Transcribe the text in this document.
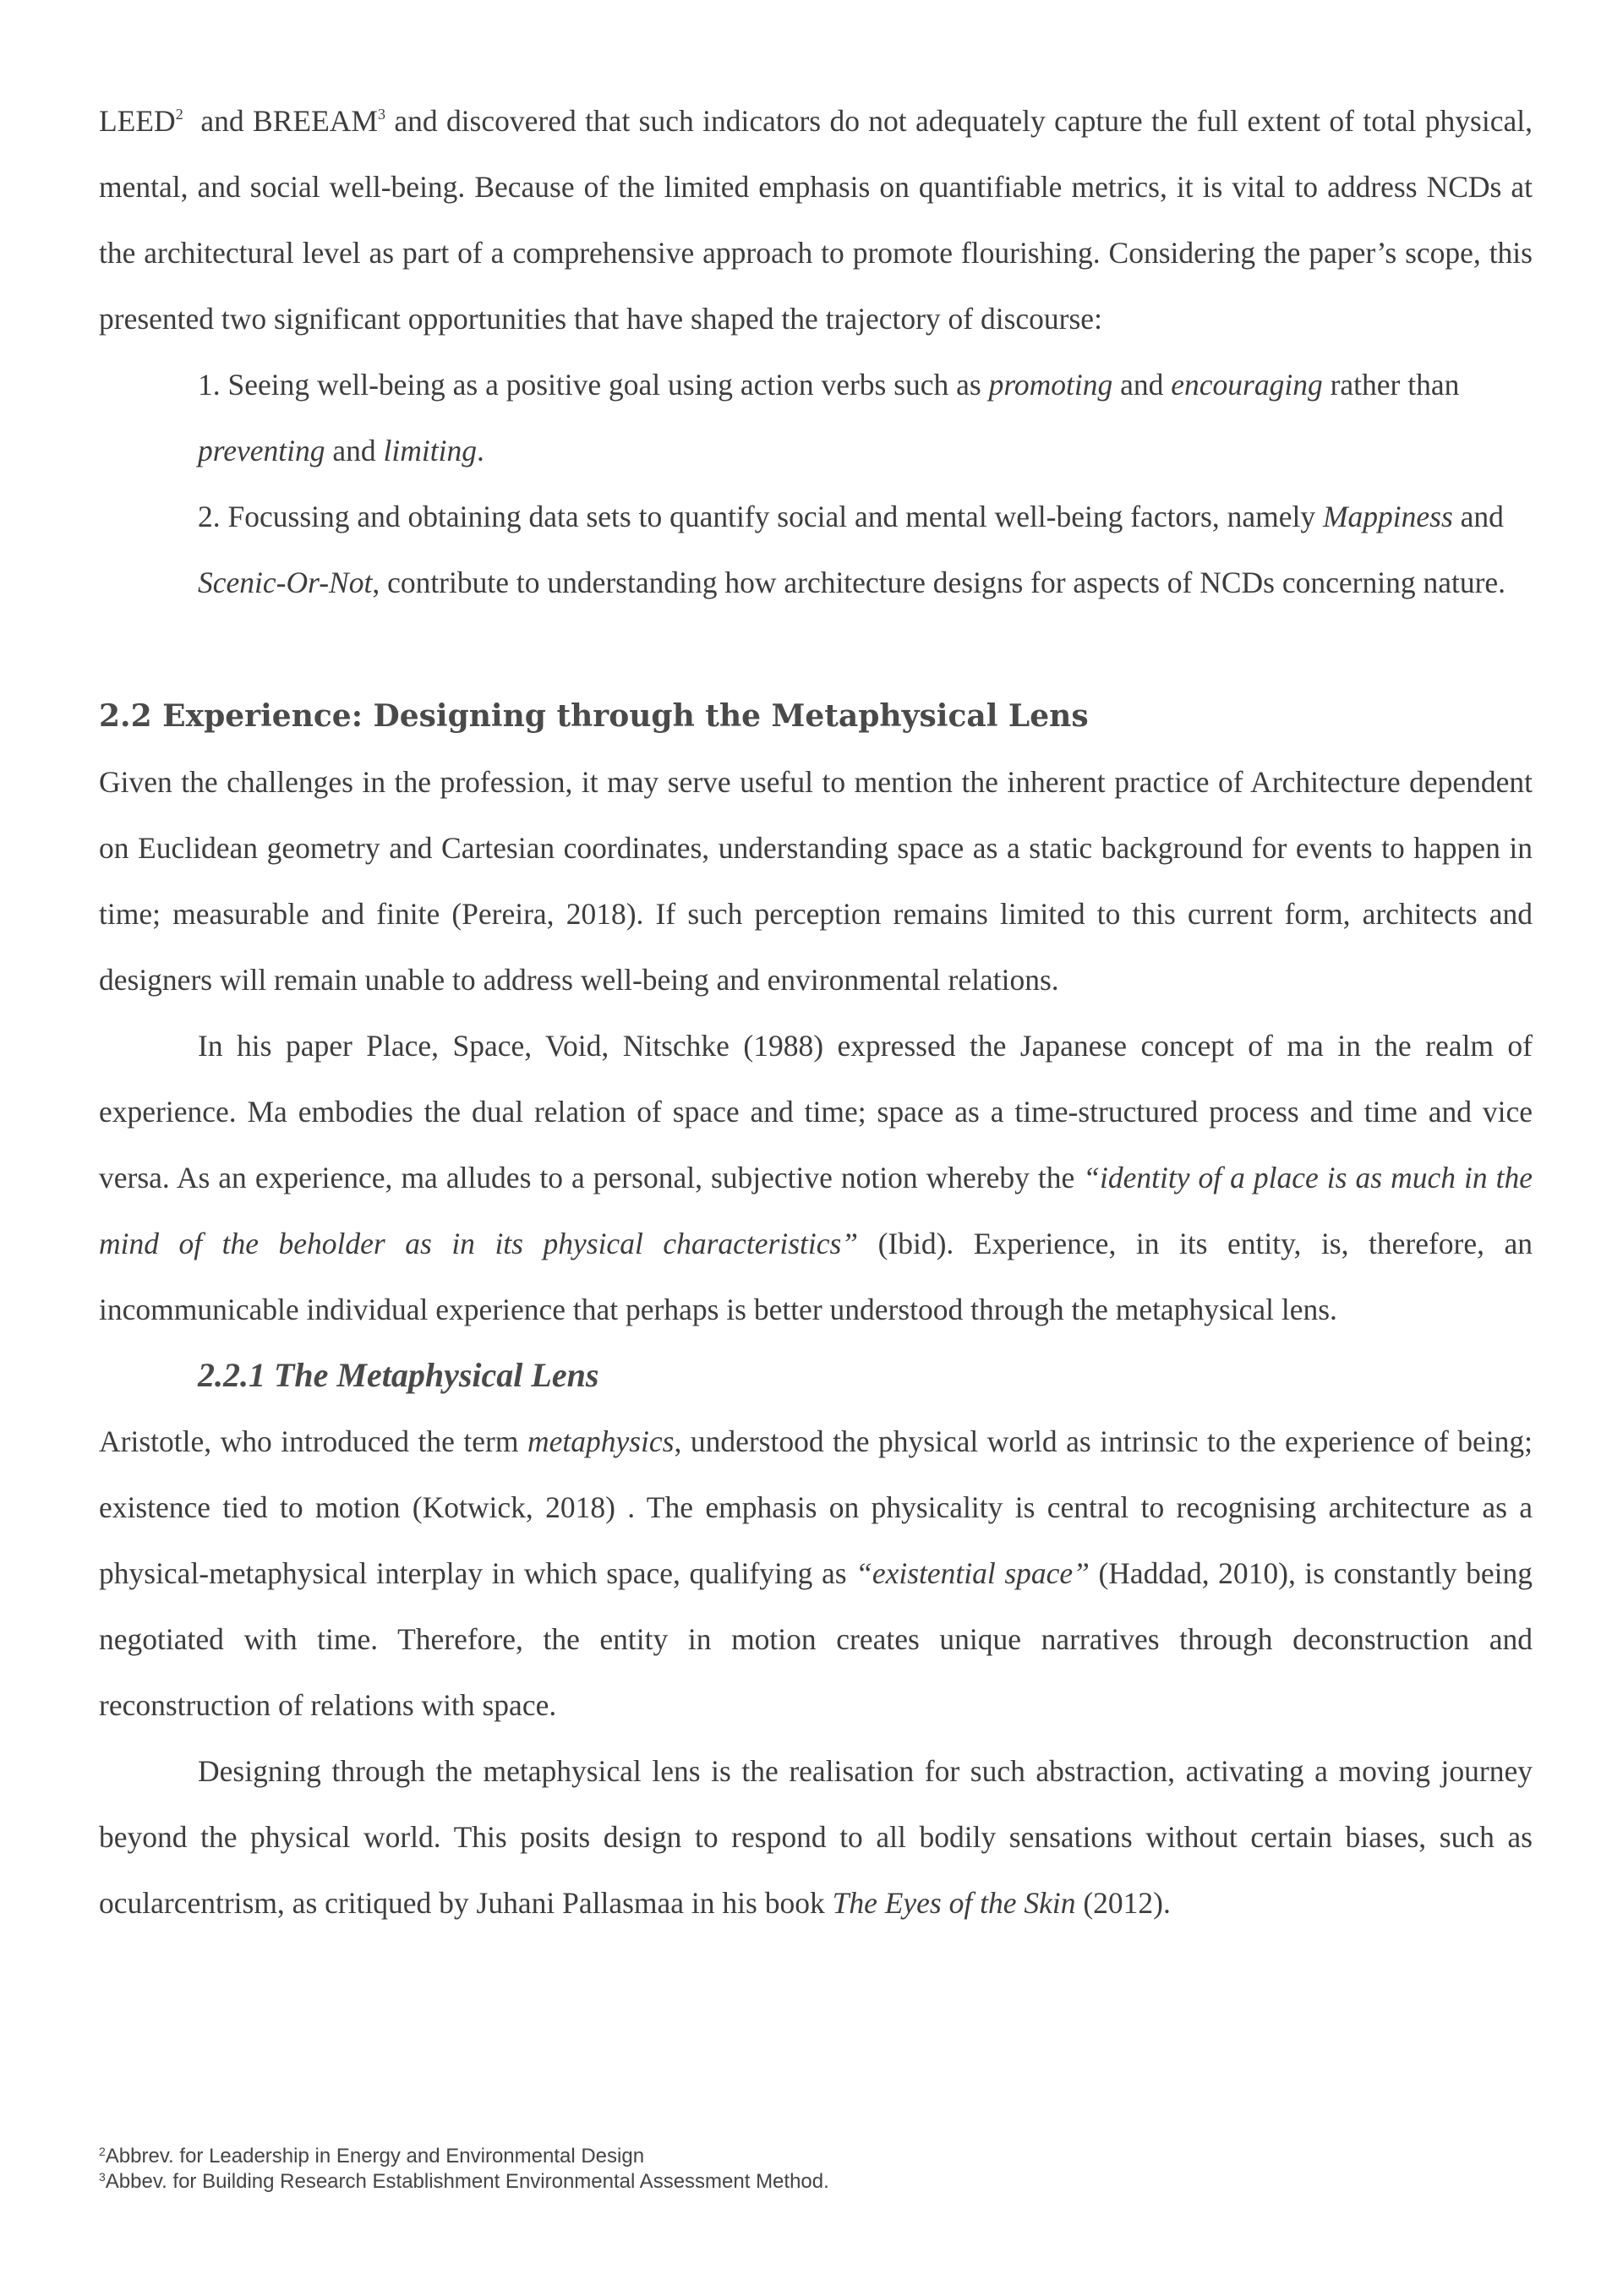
LEED$^2$  and BREEAM$^3$ and discovered that such indicators do not adequately capture the full extent of total physical, mental, and social well-being. Because of the limited emphasis on quantifiable metrics, it is vital to address NCDs at the architectural level as part of a comprehensive approach to promote flourishing. Considering the paper’s scope, this presented two significant opportunities that have shaped the trajectory of discourse:

1. Seeing well-being as a positive goal using action verbs such as promoting and encouraging rather than preventing and limiting.

2. Focussing and obtaining data sets to quantify social and mental well-being factors, namely Mappiness and Scenic-Or-Not, contribute to understanding how architecture designs for aspects of NCDs concerning nature.

2.2 Experience: Designing through the Metaphysical Lens

Given the challenges in the profession, it may serve useful to mention the inherent practice of Architecture dependent on Euclidean geometry and Cartesian coordinates, understanding space as a static background for events to happen in time; measurable and finite (Pereira, 2018). If such perception remains limited to this current form, architects and designers will remain unable to address well-being and environmental relations.

In his paper Place, Space, Void, Nitschke (1988) expressed the Japanese concept of ma in the realm of experience. Ma embodies the dual relation of space and time; space as a time-structured process and time and vice versa. As an experience, ma alludes to a personal, subjective notion whereby the “identity of a place is as much in the mind of the beholder as in its physical characteristics” (Ibid). Experience, in its entity, is, therefore, an incommunicable individual experience that perhaps is better understood through the metaphysical lens.

2.2.1 The Metaphysical Lens

Aristotle, who introduced the term metaphysics, understood the physical world as intrinsic to the experience of being; existence tied to motion (Kotwick, 2018) . The emphasis on physicality is central to recognising architecture as a physical-metaphysical interplay in which space, qualifying as “existential space” (Haddad, 2010), is constantly being negotiated with time. Therefore, the entity in motion creates unique narratives through deconstruction and reconstruction of relations with space.

Designing through the metaphysical lens is the realisation for such abstraction, activating a moving journey beyond the physical world. This posits design to respond to all bodily sensations without certain biases, such as ocularcentrism, as critiqued by Juhani Pallasmaa in his book The Eyes of the Skin (2012).

$^2$Abbrev. for Leadership in Energy and Environmental Design
$^3$Abbev. for Building Research Establishment Environmental Assessment Method.
